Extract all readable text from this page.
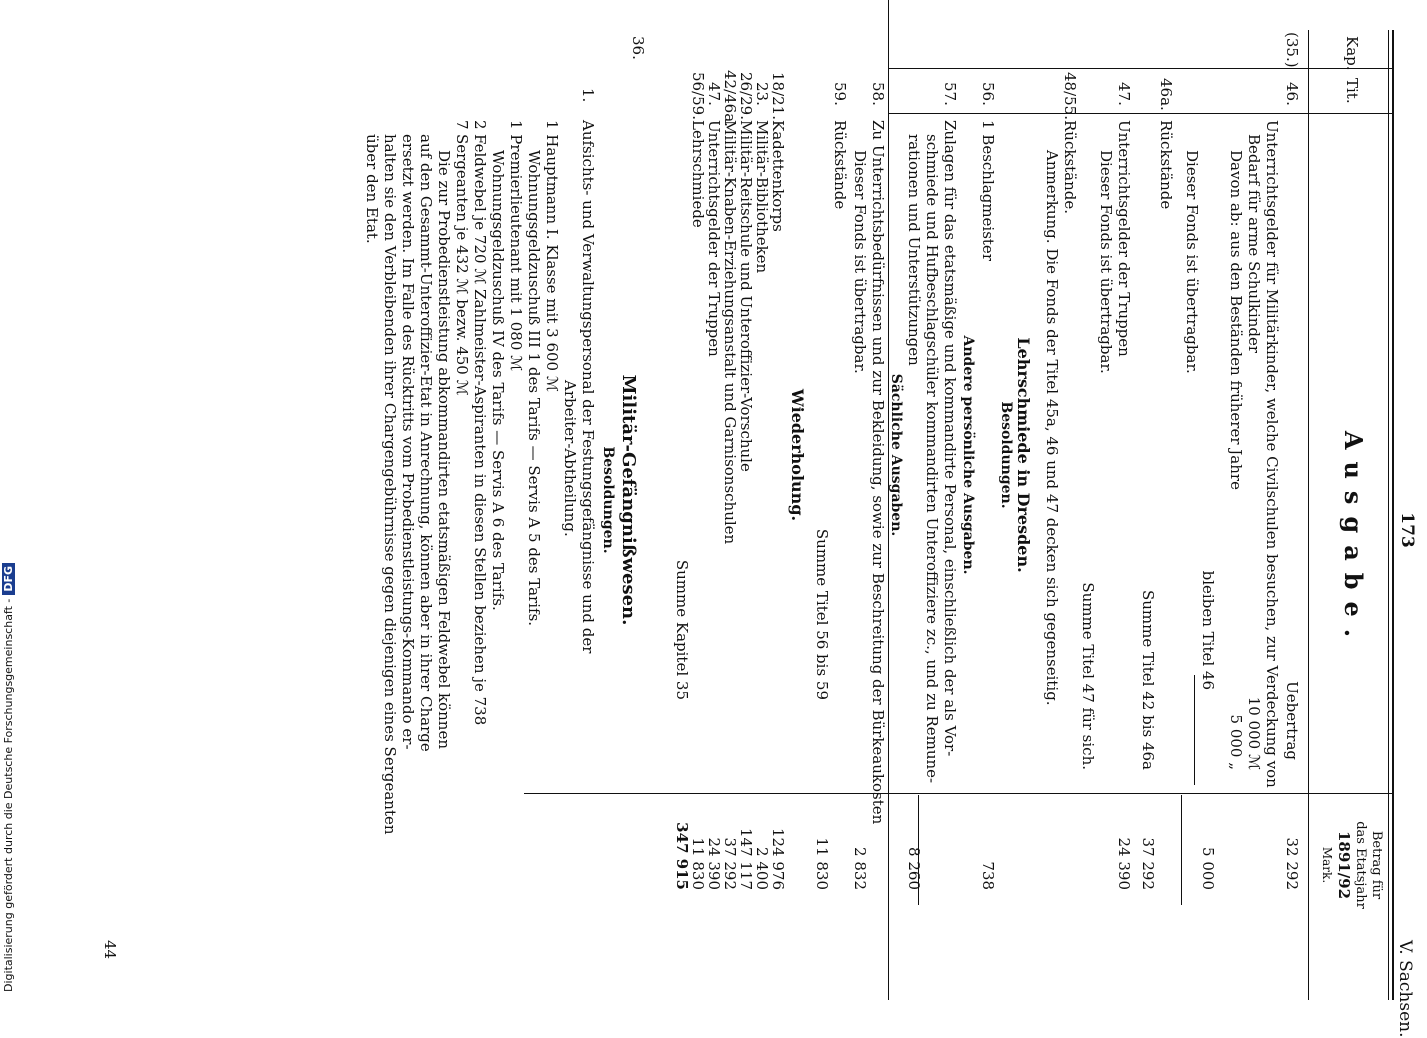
V. Sachsen.
173
Ausgabe.
Kap.
Tit.
Betrag für
das Etatsjahr
1891/92
Mark.
(35.)
46.
Uebertrag
32 292
Unterrichtsgelder für Militärkinder, welche Civilschulen besuchen, zur Verdeckung von
Bedarf für arme Schulkinder
10 000 ℳ
Davon ab: aus den Beständen früherer Jahre
5 000 „
bleiben Titel 46
5 000
Dieser Fonds ist übertragbar.
46a.
Rückstände
Summe Titel 42 bis 46a
37 292
47.
Unterrichtsgelder der Truppen
24 390
Dieser Fonds ist übertragbar.
Summe Titel 47 für sich.
48/55.
Rückstände.
Anmerkung. Die Fonds der Titel 45a, 46 und 47 decken sich gegenseitig.
Lehrschmiede in Dresden.
Besoldungen.
56.
1 Beschlagmeister
738
Andere persönliche Ausgaben.
57.
Zulagen für das etatsmäßige und kommandirte Personal, einschließlich der als Vor-
schmiede und Hufbeschlagschüler kommandirten Unteroffiziere zc., und zu Remune-
rationen und Unterstützungen
8 260
Sächliche Ausgaben.
58.
Zu Unterrichtsbedürfnissen und zur Bekleidung, sowie zur Beschreitung der Bürkeaukosten
Dieser Fonds ist übertragbar.
2 832
59.
Rückstände
Summe Titel 56 bis 59
11 830
Wiederholung.
18/21.
Kadettenkorps
124 976
23.
Militär-Bibliotheken
2 400
26/29.
Militär-Reitschule und Unteroffizier-Vorschule
147 117
42/46a.
Militär-Knaben-Erziehungsanstalt und Garnisonschulen
37 292
47.
Unterrichtsgelder der Truppen
24 390
56/59.
Lehrschmiede
11 830
Summe Kapitel 35
347 915
36.
Militär-Gefängnißwesen.
Besoldungen.
1.
Aufsichts- und Verwaltungspersonal der Festungsgefängnisse und der
Arbeiter-Abtheilung.
1 Hauptmann I. Klasse mit 3 600 ℳ
Wohnungsgeldzuschuß III 1 des Tarifs — Servis A 5 des Tarifs.
1 Premierlieutenant mit 1 080 ℳ
Wohnungsgeldzuschuß IV des Tarifs — Servis A 6 des Tarifs.
2
Feldwebel je 720 ℳ Zahlmeister-Aspiranten in diesen Stellen beziehen je 738
7
Sergeanten je 432 ℳ bezw. 450 ℳ
Die zur Probedienstleistung abkommandirten etatsmäßigen Feldwebel können
auf den Gesammt-Unteroffizier-Etat in Anrechnung, können aber in ihrer Charge
ersetzt werden. Im Falle des Rücktritts vom Probedienstleistungs-Kommando er-
halten sie den Verbleibenden ihrer Chargengebührnisse gegen diejenigen eines Sergeanten
über den Etat.
44
Digitalisierung gefördert durch die Deutsche Forschungsgemeinschaft -DFG
